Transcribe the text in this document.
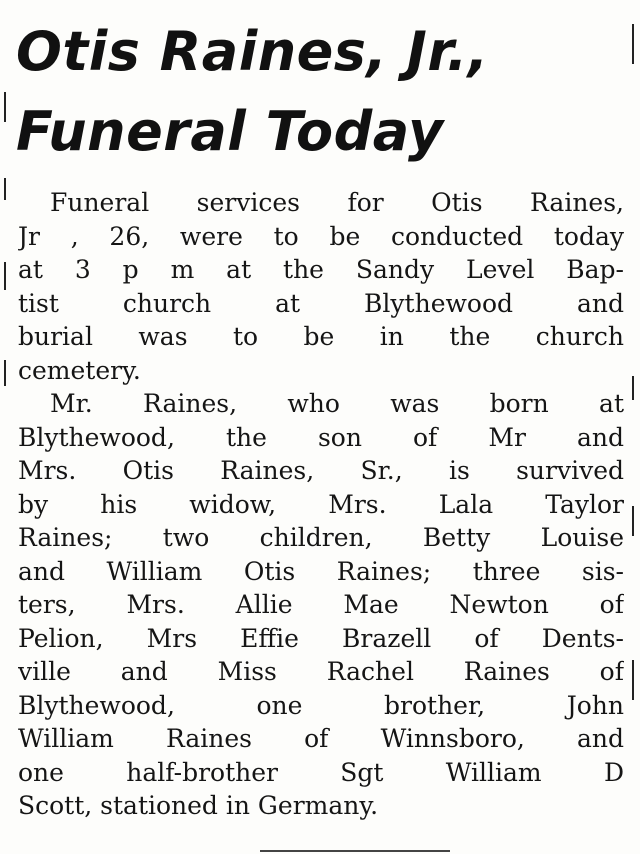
Otis Raines, Jr.,
Funeral Today
Funeral services for Otis Raines,
Jr , 26, were to be conducted today
at 3 p m at the Sandy Level Bap-
tist church at Blythewood and
burial was to be in the church
cemetery.
Mr. Raines, who was born at
Blythewood, the son of Mr and
Mrs. Otis Raines, Sr., is survived
by his widow, Mrs. Lala Taylor
Raines; two children, Betty Louise
and William Otis Raines; three sis-
ters, Mrs. Allie Mae Newton of
Pelion, Mrs Effie Brazell of Dents-
ville and Miss Rachel Raines of
Blythewood, one brother, John
William Raines of Winnsboro, and
one half-brother Sgt William D
Scott, stationed in Germany.
